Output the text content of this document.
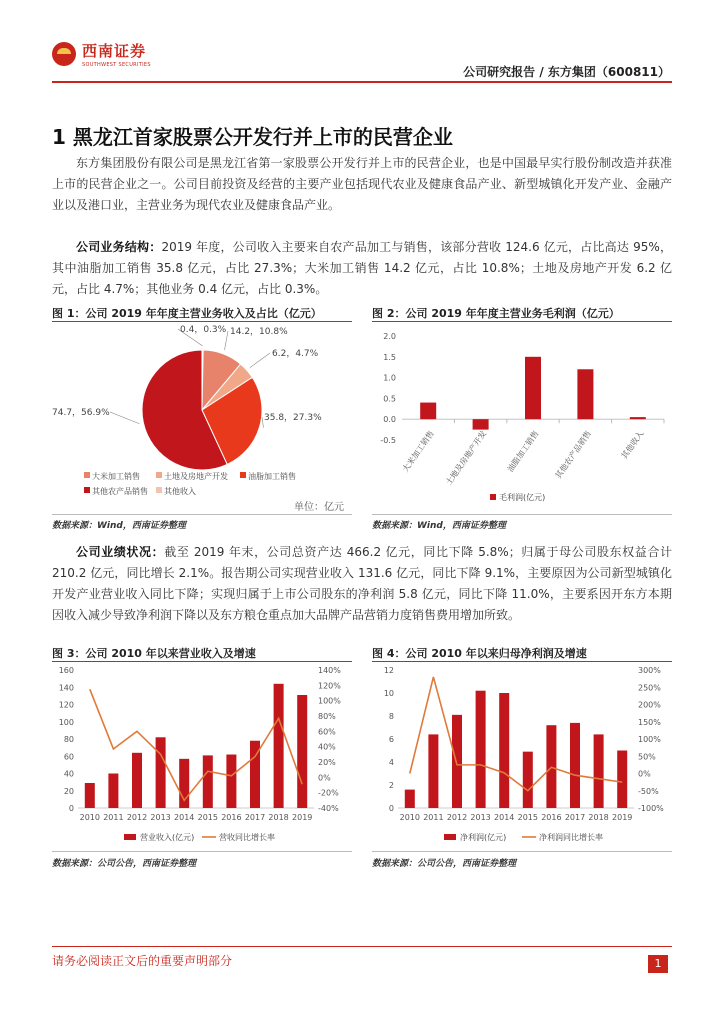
西南证券
SOUTHWEST SECURITIES	公司研究报告 / 东方集团（600811）
1 黑龙江首家股票公开发行并上市的民营企业

东方集团股份有限公司是黑龙江省第一家股票公开发行并上市的民营企业，也是中国最早实行股份制改造并获准上市的民营企业之一。公司目前投资及经营的主要产业包括现代农业及健康食品产业、新型城镇化开发产业、金融产业以及港口业，主营业务为现代农业及健康食品产业。

公司业务结构：2019 年度，公司收入主要来自农产品加工与销售，该部分营收 124.6 亿元，占比高达 95%，其中油脂加工销售 35.8 亿元，占比 27.3%；大米加工销售 14.2 亿元，占比 10.8%；土地及房地产开发 6.2 亿元，占比 4.7%；其他业务 0.4 亿元，占比 0.3%。

图 1：公司 2019 年年度主营业务收入及占比（亿元）	图 2：公司 2019 年年度主营业务毛利润（亿元）
0.4，0.3% 14.2，10.8%
6.2，4.7%
35.8，27.3%
74.7，56.9%
大米加工销售	土地及房地产开发	油脂加工销售
其他农产品销售 其他收入
单位：亿元
-0.5
0.0
0.5
1.0
1.5
2.0
大米加工销售 土地及房地产开发 油脂加工销售 其他农产品销售	其他收入
毛利润(亿元)
数据来源：Wind，西南证券整理	数据来源：Wind，西南证券整理

公司业绩状况：截至 2019 年末，公司总资产达 466.2 亿元，同比下降 5.8%；归属于母公司股东权益合计 210.2 亿元，同比增长 2.1%。报告期公司实现营业收入 131.6 亿元，同比下降 9.1%，主要原因为公司新型城镇化开发产业营业收入同比下降；实现归属于上市公司股东的净利润 5.8 亿元，同比下降 11.0%，主要系因开东方本期因收入减少导致净利润下降以及东方粮仓重点加大品牌产品营销力度销售费用增加所致。

图 3：公司 2010 年以来营业收入及增速	图 4：公司 2010 年以来归母净利润及增速
0
20
40
60
80
100
120
140
160
-40%
-20%
0%
20%
40%
60%
80%
100%
120%
140%
2010 2011 2012 2013 2014 2015 2016 2017 2018 2019
营业收入(亿元)	营收同比增长率
0
2
4
6
8
10
12
-100%
-50%
0%
50%
100%
150%
200%
250%
300%
2010 2011 2012 2013 2014 2015 2016 2017 2018 2019
净利润(亿元)	净利润同比增长率
数据来源：公司公告，西南证券整理	数据来源：公司公告，西南证券整理
请务必阅读正文后的重要声明部分	1
